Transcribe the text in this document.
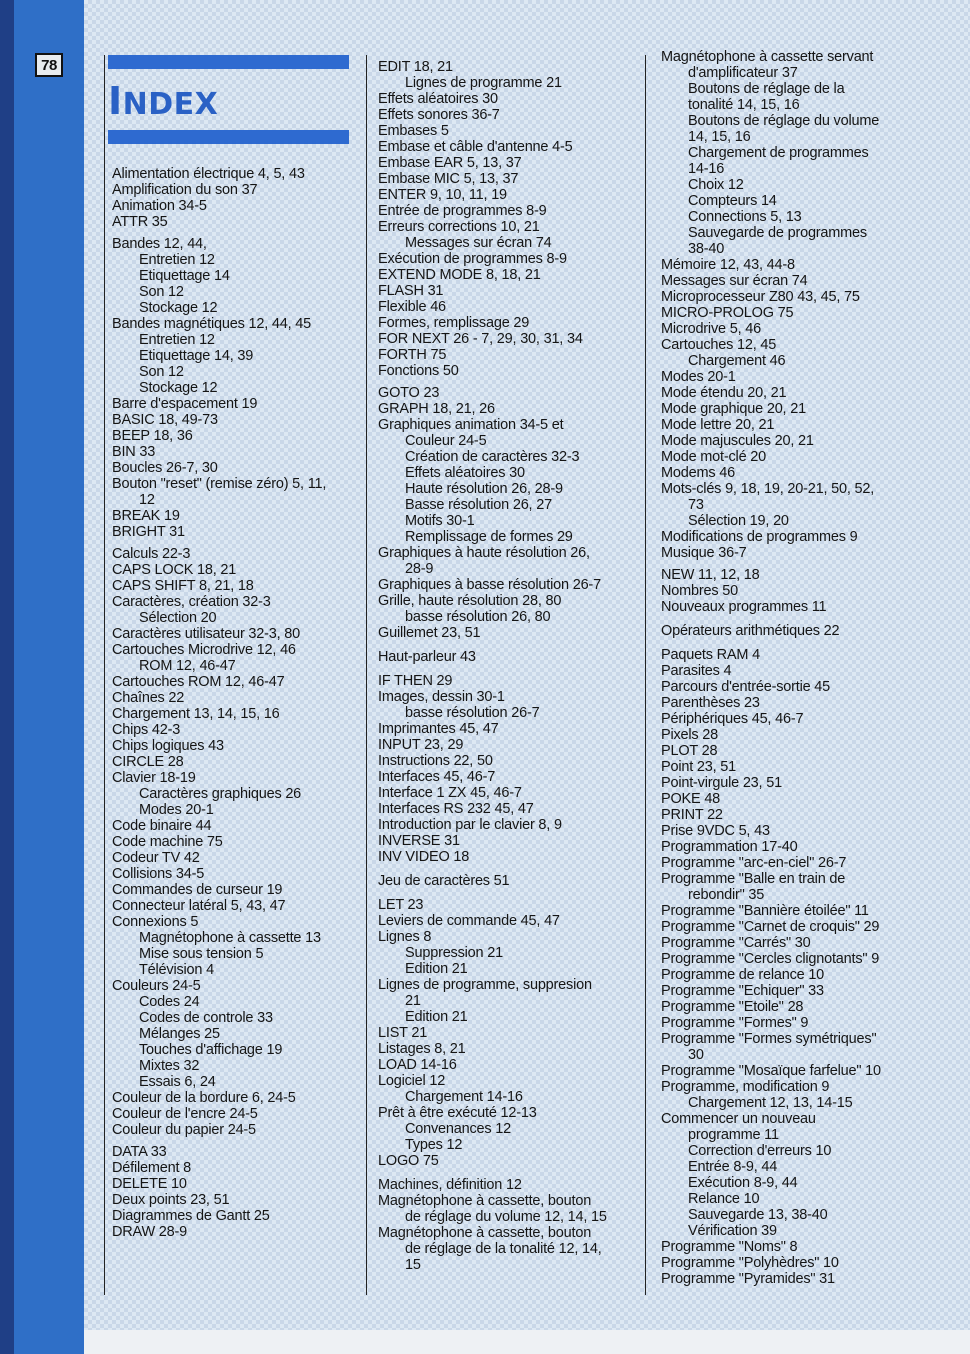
78
INDEX
Alimentation électrique 4, 5, 43
Amplification du son 37
Animation 34-5
ATTR 35
Bandes 12, 44,
Entretien 12
Etiquettage 14
Son 12
Stockage 12
Bandes magnétiques 12, 44, 45
Entretien 12
Etiquettage 14, 39
Son 12
Stockage 12
Barre d'espacement 19
BASIC 18, 49-73
BEEP 18, 36
BIN 33
Boucles 26-7, 30
Bouton "reset" (remise zéro) 5, 11,
12
BREAK 19
BRIGHT 31
Calculs 22-3
CAPS LOCK 18, 21
CAPS SHIFT 8, 21, 18
Caractères, création 32-3
Sélection 20
Caractères utilisateur 32-3, 80
Cartouches Microdrive 12, 46
ROM 12, 46-47
Cartouches ROM 12, 46-47
Chaînes 22
Chargement 13, 14, 15, 16
Chips 42-3
Chips logiques 43
CIRCLE 28
Clavier 18-19
Caractères graphiques 26
Modes 20-1
Code binaire 44
Code machine 75
Codeur TV 42
Collisions 34-5
Commandes de curseur 19
Connecteur latéral 5, 43, 47
Connexions 5
Magnétophone à cassette 13
Mise sous tension 5
Télévision 4
Couleurs 24-5
Codes 24
Codes de controle 33
Mélanges 25
Touches d'affichage 19
Mixtes 32
Essais 6, 24
Couleur de la bordure 6, 24-5
Couleur de l'encre 24-5
Couleur du papier 24-5
DATA 33
Défilement 8
DELETE 10
Deux points 23, 51
Diagrammes de Gantt 25
DRAW 28-9
EDIT 18, 21
Lignes de programme 21
Effets aléatoires 30
Effets sonores 36-7
Embases 5
Embase et câble d'antenne 4-5
Embase EAR 5, 13, 37
Embase MIC 5, 13, 37
ENTER 9, 10, 11, 19
Entrée de programmes 8-9
Erreurs corrections 10, 21
Messages sur écran 74
Exécution de programmes 8-9
EXTEND MODE 8, 18, 21
FLASH 31
Flexible 46
Formes, remplissage 29
FOR NEXT 26 - 7, 29, 30, 31, 34
FORTH 75
Fonctions 50
GOTO 23
GRAPH 18, 21, 26
Graphiques animation 34-5 et
Couleur 24-5
Création de caractères 32-3
Effets aléatoires 30
Haute résolution 26, 28-9
Basse résolution 26, 27
Motifs 30-1
Remplissage de formes 29
Graphiques à haute résolution 26,
28-9
Graphiques à basse résolution 26-7
Grille, haute résolution 28, 80
basse résolution 26, 80
Guillemet 23, 51
Haut-parleur 43
IF THEN 29
Images, dessin 30-1
basse résolution 26-7
Imprimantes 45, 47
INPUT 23, 29
Instructions 22, 50
Interfaces 45, 46-7
Interface 1 ZX 45, 46-7
Interfaces RS 232 45, 47
Introduction par le clavier 8, 9
INVERSE 31
INV VIDEO 18
Jeu de caractères 51
LET 23
Leviers de commande 45, 47
Lignes 8
Suppression 21
Edition 21
Lignes de programme, suppresion
21
Edition 21
LIST 21
Listages 8, 21
LOAD 14-16
Logiciel 12
Chargement 14-16
Prêt à être exécuté 12-13
Convenances 12
Types 12
LOGO 75
Machines, définition 12
Magnétophone à cassette, bouton
de réglage du volume 12, 14, 15
Magnétophone à cassette, bouton
de réglage de la tonalité 12, 14,
15
Magnétophone à cassette servant
d'amplificateur 37
Boutons de réglage de la
tonalité 14, 15, 16
Boutons de réglage du volume
14, 15, 16
Chargement de programmes
14-16
Choix 12
Compteurs 14
Connections 5, 13
Sauvegarde de programmes
38-40
Mémoire 12, 43, 44-8
Messages sur écran 74
Microprocesseur Z80 43, 45, 75
MICRO-PROLOG 75
Microdrive 5, 46
Cartouches 12, 45
Chargement 46
Modes 20-1
Mode étendu 20, 21
Mode graphique 20, 21
Mode lettre 20, 21
Mode majuscules 20, 21
Mode mot-clé 20
Modems 46
Mots-clés 9, 18, 19, 20-21, 50, 52,
73
Sélection 19, 20
Modifications de programmes 9
Musique 36-7
NEW 11, 12, 18
Nombres 50
Nouveaux programmes 11
Opérateurs arithmétiques 22
Paquets RAM 4
Parasites 4
Parcours d'entrée-sortie 45
Parenthèses 23
Périphériques 45, 46-7
Pixels 28
PLOT 28
Point 23, 51
Point-virgule 23, 51
POKE 48
PRINT 22
Prise 9VDC 5, 43
Programmation 17-40
Programme "arc-en-ciel" 26-7
Programme "Balle en train de
rebondir" 35
Programme "Bannière étoilée" 11
Programme "Carnet de croquis" 29
Programme "Carrés" 30
Programme "Cercles clignotants" 9
Programme de relance 10
Programme "Echiquer" 33
Programme "Etoile" 28
Programme "Formes" 9
Programme "Formes symétriques"
30
Programme "Mosaïque farfelue" 10
Programme, modification 9
Chargement 12, 13, 14-15
Commencer un nouveau
programme 11
Correction d'erreurs 10
Entrée 8-9, 44
Exécution 8-9, 44
Relance 10
Sauvegarde 13, 38-40
Vérification 39
Programme "Noms" 8
Programme "Polyhèdres" 10
Programme "Pyramides" 31
